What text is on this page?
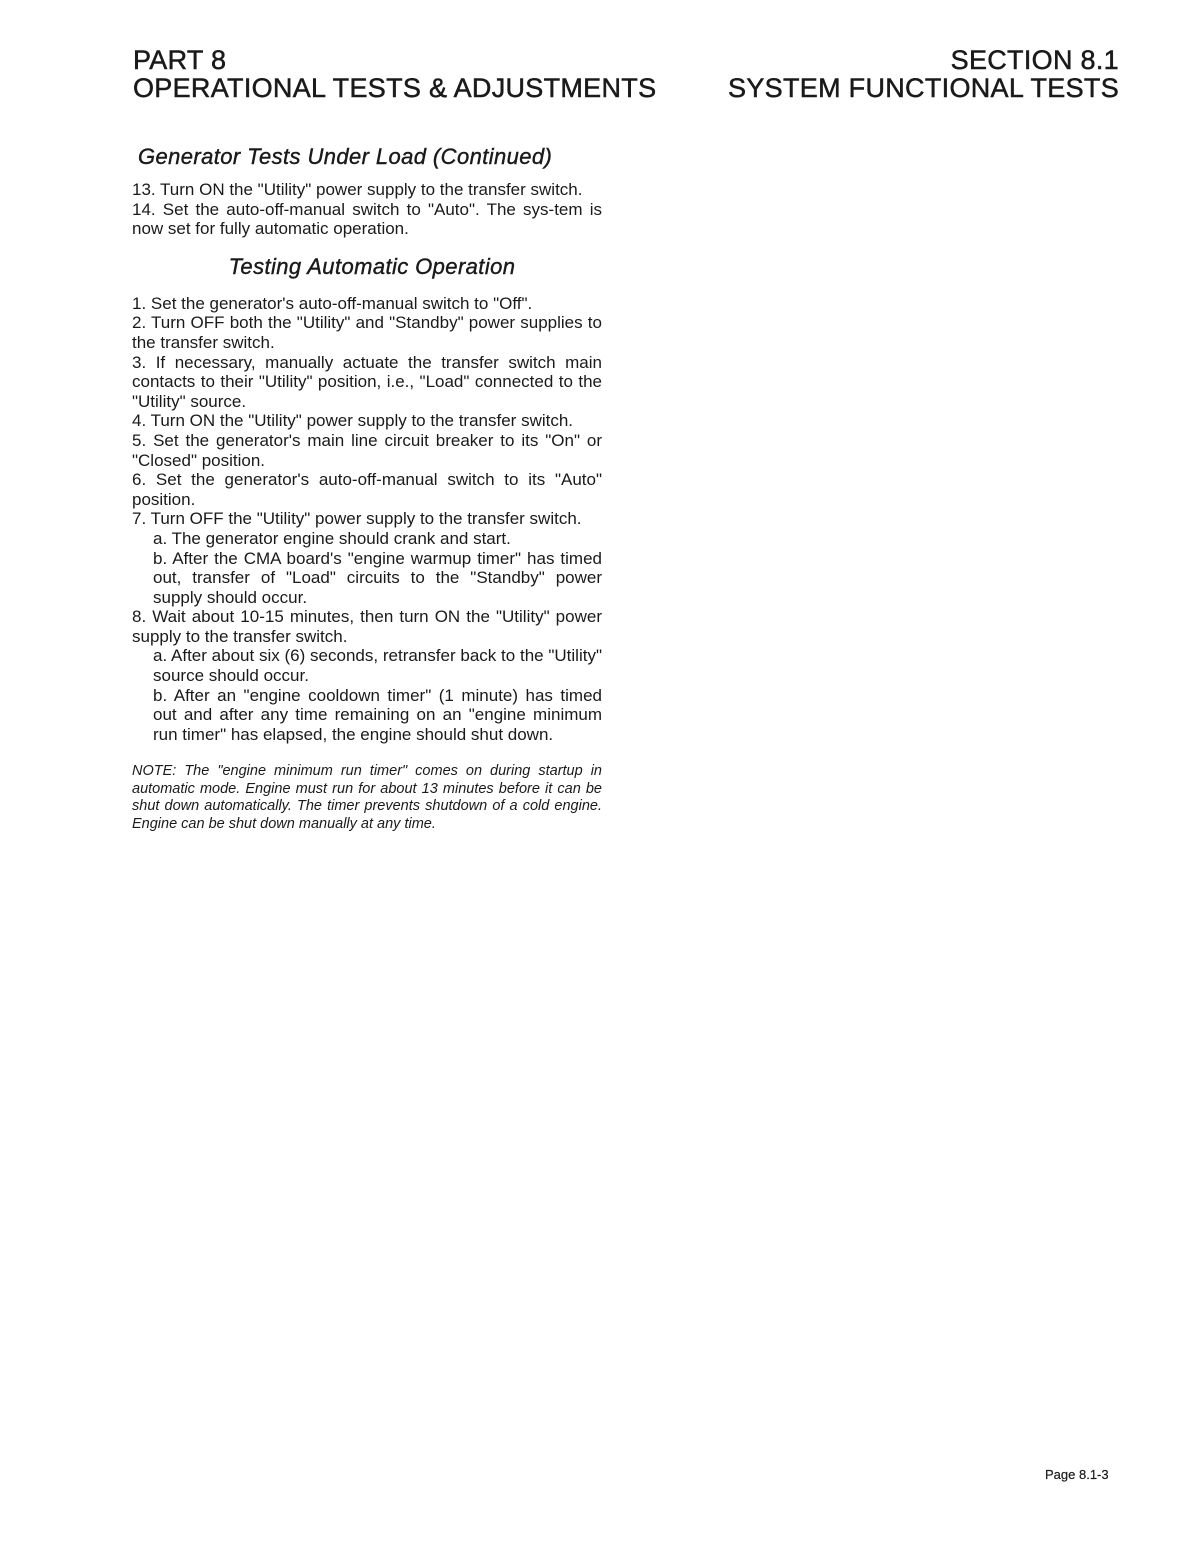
PART 8
OPERATIONAL TESTS & ADJUSTMENTS
SECTION 8.1
SYSTEM FUNCTIONAL TESTS
Generator Tests Under Load (Continued)

13. Turn ON the "Utility" power supply to the transfer switch.

14. Set the auto-off-manual switch to "Auto". The sys-tem is now set for fully automatic operation.

Testing Automatic Operation

1. Set the generator's auto-off-manual switch to "Off".

2. Turn OFF both the "Utility" and "Standby" power supplies to the transfer switch.

3. If necessary, manually actuate the transfer switch main contacts to their "Utility" position, i.e., "Load" connected to the "Utility" source.

4. Turn ON the "Utility" power supply to the transfer switch.

5. Set the generator's main line circuit breaker to its "On" or "Closed" position.

6. Set the generator's auto-off-manual switch to its "Auto" position.

7. Turn OFF the "Utility" power supply to the transfer switch.

a. The generator engine should crank and start.

b. After the CMA board's "engine warmup timer" has timed out, transfer of "Load" circuits to the "Standby" power supply should occur.

8. Wait about 10-15 minutes, then turn ON the "Utility" power supply to the transfer switch.

a. After about six (6) seconds, retransfer back to the "Utility" source should occur.

b. After an "engine cooldown timer" (1 minute) has timed out and after any time remaining on an "engine minimum run timer" has elapsed, the engine should shut down.

NOTE: The "engine minimum run timer" comes on during startup in automatic mode. Engine must run for about 13 minutes before it can be shut down automatically. The timer prevents shutdown of a cold engine. Engine can be shut down manually at any time.

Page 8.1-3
